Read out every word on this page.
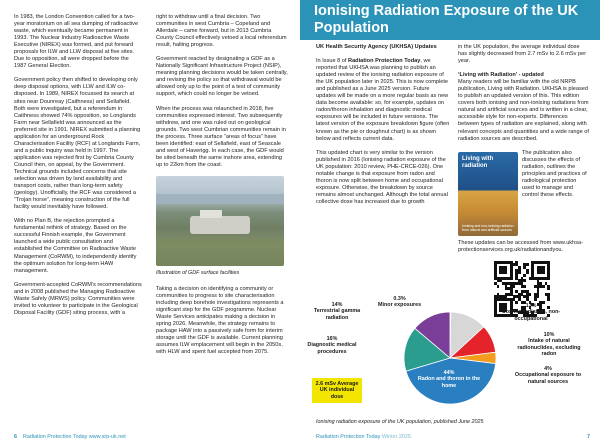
In 1983, the London Convention called for a two-year moratorium on all sea dumping of radioactive waste, which eventually became permanent in 1993. The Nuclear Industry Radioactive Waste Executive (NIREX) was formed, and put forward proposals for ILW and LLW disposal at five sites. Due to opposition, all were dropped before the 1987 General Election.

Government policy then shifted to developing only deep disposal options, with LLW and ILW co-disposed. In 1989, NIREX focussed its search at sites near Dounreay (Caithness) and Sellafield. Both were investigated, but a referendum in Caithness showed 74% opposition, so Longlands Farm near Sellafield was announced as the preferred site in 1991. NIREX submitted a planning application for an underground Rock Characterisation Facility (RCF) at Longlands Farm, and a public inquiry was held in 1997. The application was rejected first by Cumbria County Council then, on appeal, by the Government. Technical grounds included concerns that site selection was driven by land availability and transport costs, rather than long-term safety (geology). Unofficially, the RCF was considered a “Trojan horse”, meaning construction of the full facility would inevitably have followed.

With no Plan B, the rejection prompted a fundamental rethink of strategy. Based on the successful Finnish example, the Government launched a wide public consultation and established the Committee on Radioactive Waste Management (CoRWM), to independently identify the optimum solution for long-term HAW management.

Government-accepted CoRWM's recommendations and in 2008 published the Managing Radioactive Waste Safely (MRWS) policy. Communities were invited to volunteer to participate in the Geological Disposal Facility (GDF) siting process, with a

right to withdraw until a final decision. Two communities in west Cumbria – Copeland and Allerdale – came forward, but in 2013 Cumbria County Council effectively vetoed a local referendum result, halting progress.

Government reacted by designating a GDF as a Nationally Significant Infrastructure Project (NSIP), meaning planning decisions would be taken centrally, and revising the policy so that withdrawal would be allowed only up to the point of a test of community support, which could no longer be vetoed.

When the process was relaunched in 2018, five communities expressed interest. Two subsequently withdrew, and one was ruled out on geological grounds. Two west Cumbrian communities remain in the process. Three surface “areas of focus” have been identified: east of Sellafield, east of Seascale and west of Haverigg. In each case, the GDF would be sited beneath the same inshore area, extending up to 22km from the coast.

Illustration of GDF surface facilities

Taking a decision on identifying a community or communities to progress to site characterisation including deep borehole investigations represents a significant step for the GDF programme. Nuclear Waste Services anticipates making a decision in spring 2026. Meanwhile, the strategy remains to package HAW into a passively safe form for interim storage until the GDF is available. Current planning assumes ILW emplacement will begin in the 2050s, with HLW and spent fuel accepted from 2075.

6 Radiation Protection Today www.srp-uk.net
Ionising Radiation Exposure of the UK Population

UK Health Security Agency (UKHSA) Updates

In Issue 8 of Radiation Protection Today, we reported that UKHSA was planning to publish an updated review of the ionising radiation exposure of the UK population later in 2025. This is now complete and published as a June 2025 version. Future updates will be made on a more regular basis as new data become available: so, for example, updates on radon/thoron inhalation and diagnostic medical exposures will be included in future versions. The latest version of the exposure breakdown figure (often known as the pie or doughnut chart) is as shown below and reflects current data.

This updated chart is very similar to the version published in 2016 (Ionising radiation exposure of the UK population: 2010 review, PHE-CRCE-026). One notable change is that exposure from radon and thoron is now split between home and occupational exposure. Otherwise, the breakdown by source remains almost unchanged. Although the total annual collective dose has increased due to growth

in the UK population, the average individual dose has slightly decreased from 2.7 mSv to 2.6 mSv per year.

‘Living with Radiation’ - updated

Many readers will be familiar with the old NRPB publication, Living with Radiation. UKHSA is pleased to publish an updated version of this. This edition covers both ionising and non-ionising radiations from natural and artificial sources and is written in a clear, accessible style for non-experts. Differences between types of radiation are explained, along with relevant concepts and quantities and a wide range of radiation sources are described.

Living with radiation
Ionising and non-ionising radiation from natural and artificial sources
The publication also discusses the effects of radiation, outlines the principles and practices of radiological protection used to manage and control these effects.

These updates can be accessed from www.ukhsa-protectionservices.org.uk/radiationandyou.

Radiation Protection Today Winter 2025	7
0.3%
Minor exposures	13%
Cosmic radiation, non-occupational
10%
Intake of natural radionuclides, excluding radon
4%
Occupational exposure to natural sources
44%
Radon and thoron in the home
16%
Diagnostic medical procedures
14%
Terrestrial gamma radiation
2.6 mSv Average UK individual dose
Ionising radiation exposure of the UK population, published June 2025
